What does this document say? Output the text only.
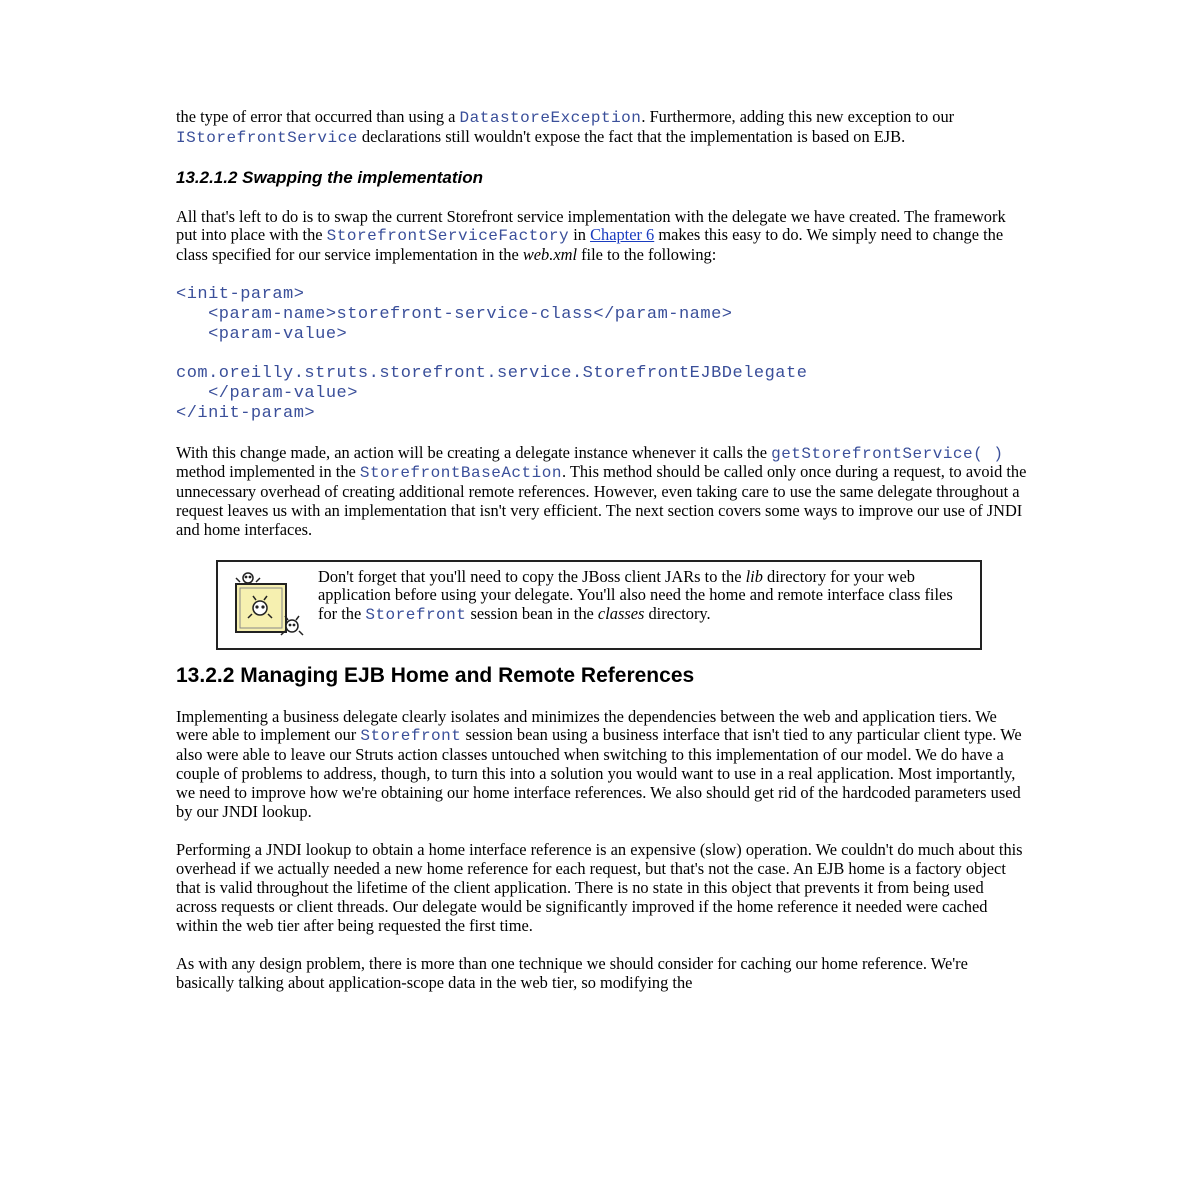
the type of error that occurred than using a DatastoreException. Furthermore, adding this new exception to our IStorefrontService declarations still wouldn't expose the fact that the implementation is based on EJB.

13.2.1.2 Swapping the implementation

All that's left to do is to swap the current Storefront service implementation with the delegate we have created. The framework put into place with the StorefrontServiceFactory in Chapter 6 makes this easy to do. We simply need to change the class specified for our service implementation in the web.xml file to the following:

<init-param>
<param-name>storefront-service-class</param-name>
<param-value>

com.oreilly.struts.storefront.service.StorefrontEJBDelegate
</param-value>
</init-param>

With this change made, an action will be creating a delegate instance whenever it calls the getStorefrontService( ) method implemented in the StorefrontBaseAction. This method should be called only once during a request, to avoid the unnecessary overhead of creating additional remote references. However, even taking care to use the same delegate throughout a request leaves us with an implementation that isn't very efficient. The next section covers some ways to improve our use of JNDI and home interfaces.

Don't forget that you'll need to copy the JBoss client JARs to the lib directory for your web application before using your delegate. You'll also need the home and remote interface class files for the Storefront session bean in the classes directory.

13.2.2 Managing EJB Home and Remote References

Implementing a business delegate clearly isolates and minimizes the dependencies between the web and application tiers. We were able to implement our Storefront session bean using a business interface that isn't tied to any particular client type. We also were able to leave our Struts action classes untouched when switching to this implementation of our model. We do have a couple of problems to address, though, to turn this into a solution you would want to use in a real application. Most importantly, we need to improve how we're obtaining our home interface references. We also should get rid of the hardcoded parameters used by our JNDI lookup.

Performing a JNDI lookup to obtain a home interface reference is an expensive (slow) operation. We couldn't do much about this overhead if we actually needed a new home reference for each request, but that's not the case. An EJB home is a factory object that is valid throughout the lifetime of the client application. There is no state in this object that prevents it from being used across requests or client threads. Our delegate would be significantly improved if the home reference it needed were cached within the web tier after being requested the first time.

As with any design problem, there is more than one technique we should consider for caching our home reference. We're basically talking about application-scope data in the web tier, so modifying the
